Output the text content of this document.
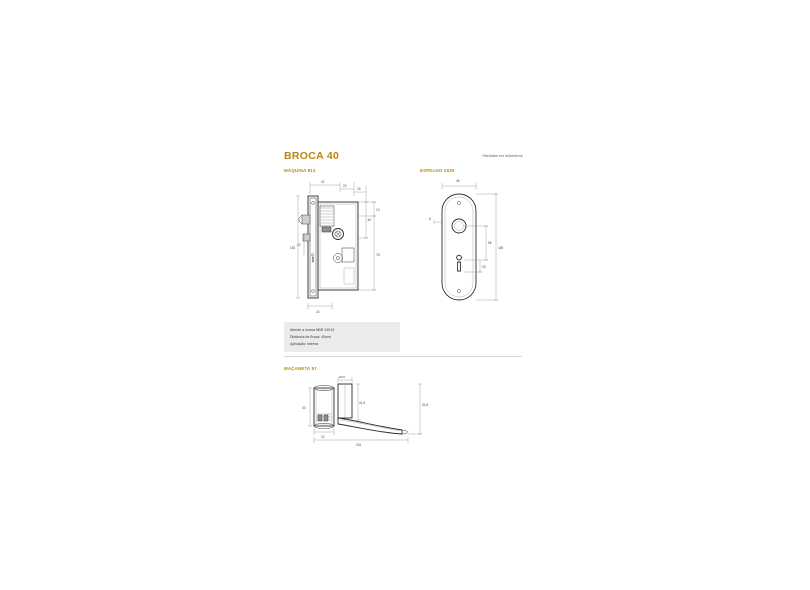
BROCA 40	*Medidas em milímetros
MÁQUINA 813	ESPELHO 1835
MAÇANETA 57
41
20
16
152
40
13
78
24
22
45
8
180
85
33
Ø19
43
41,6	51,8
115
22
Atende a norma NBR 14913
Distância da Broca: 40mm
Aplicação: Interna
